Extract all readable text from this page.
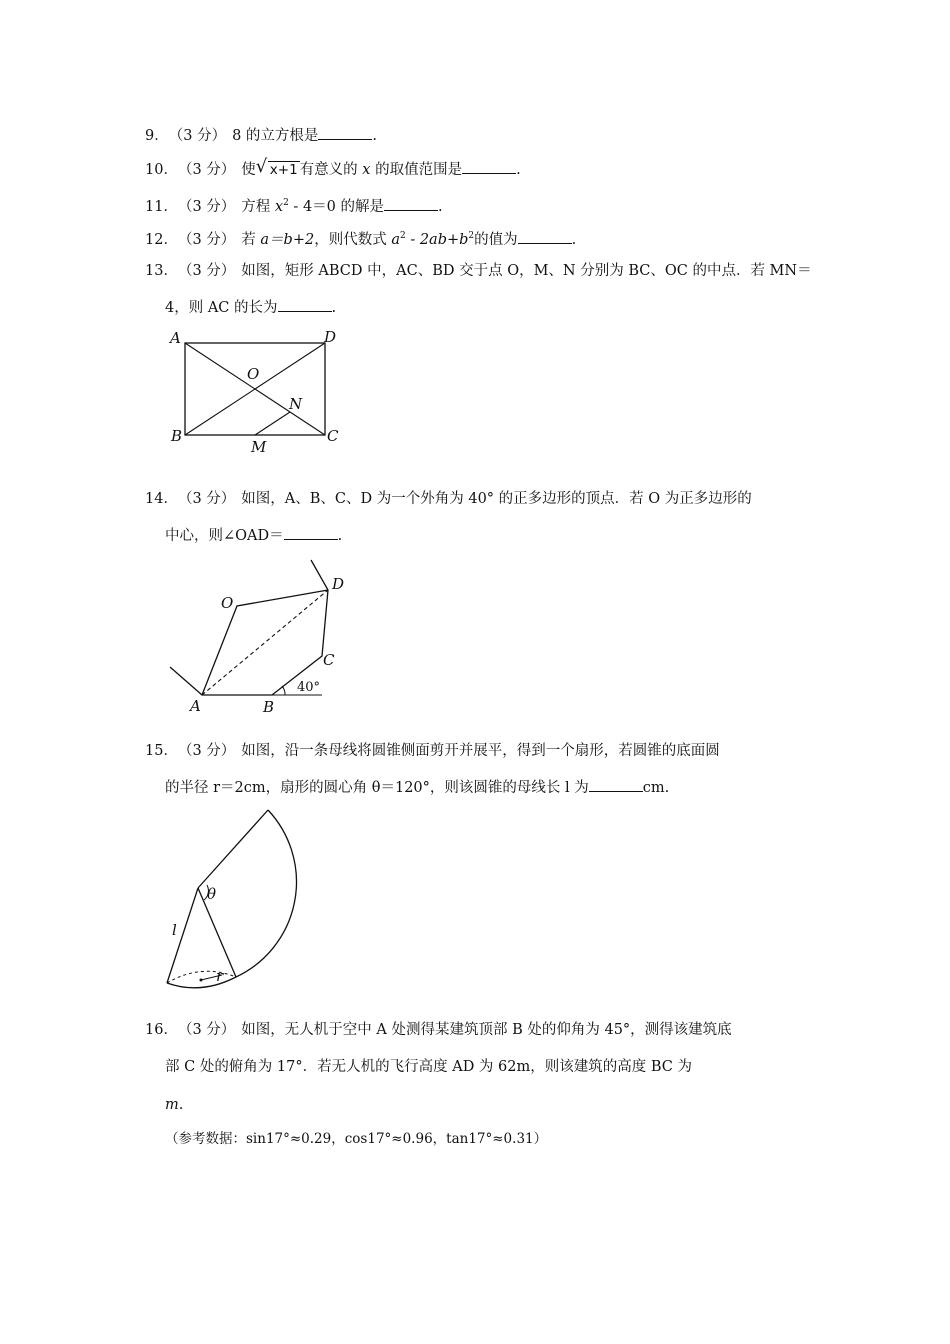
9．（3 分） 8 的立方根是	.
10．（3 分） 使 √ x+1 有意义的 x 的取值范围是	.
11．（3 分） 方程 $x^2 - 4=0$ 的解是	.
12．（3 分） 若 a＝b+2，则代数式 $a^2 - 2ab+b^2$的值为	.
13．（3 分） 如图，矩形 ABCD 中，AC、BD 交于点 O，M、N 分别为 BC、OC 的中点．若 MN＝
4，则 AC 的长为	.
A	D
B	C
O
N
M
14．（3 分） 如图，A、B、C、D 为一个外角为 40° 的正多边形的顶点．若 O 为正多边形的
中心，则∠OAD＝	.
O
D
C
A	B
40°
15．（3 分） 如图，沿一条母线将圆锥侧面剪开并展平，得到一个扇形，若圆锥的底面圆
的半径 r＝2cm，扇形的圆心角 θ＝120°，则该圆锥的母线长 l 为	cm.
l
θ
r
16．（3 分） 如图，无人机于空中 A 处测得某建筑顶部 B 处的仰角为 45°，测得该建筑底
部 C 处的俯角为 17°．若无人机的飞行高度 AD 为 62m，则该建筑的高度 BC 为
m.
（参考数据：sin17°≈0.29，cos17°≈0.96，tan17°≈0.31）
